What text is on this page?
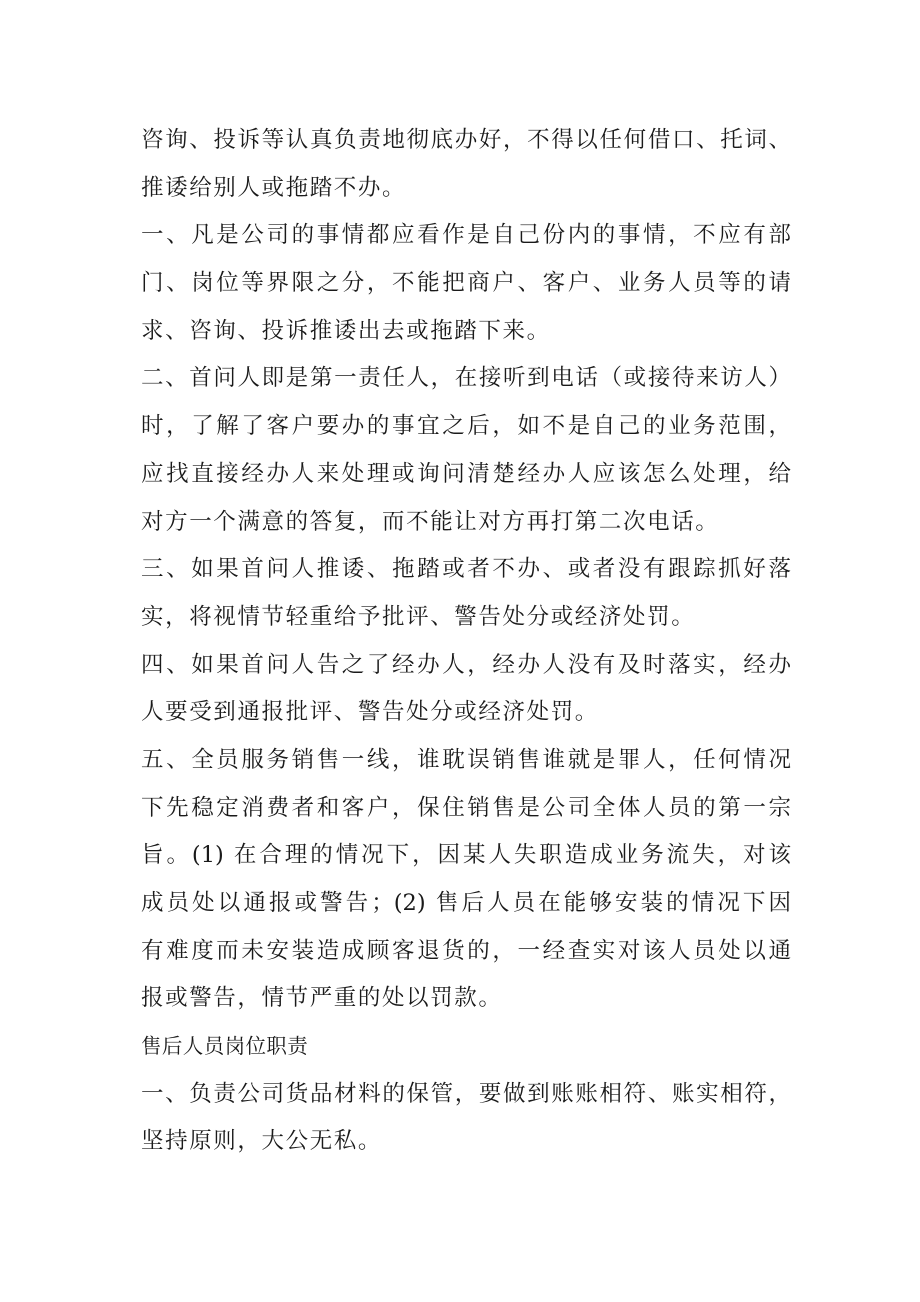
咨询、投诉等认真负责地彻底办好，不得以任何借口、托词、
推诿给别人或拖踏不办。
一、凡是公司的事情都应看作是自己份内的事情，不应有部
门、岗位等界限之分，不能把商户、客户、业务人员等的请
求、咨询、投诉推诿出去或拖踏下来。
二、首问人即是第一责任人，在接听到电话（或接待来访人）
时，了解了客户要办的事宜之后，如不是自己的业务范围，
应找直接经办人来处理或询问清楚经办人应该怎么处理，给
对方一个满意的答复，而不能让对方再打第二次电话。
三、如果首问人推诿、拖踏或者不办、或者没有跟踪抓好落
实，将视情节轻重给予批评、警告处分或经济处罚。
四、如果首问人告之了经办人，经办人没有及时落实，经办
人要受到通报批评、警告处分或经济处罚。
五、全员服务销售一线，谁耽误销售谁就是罪人，任何情况
下先稳定消费者和客户，保住销售是公司全体人员的第一宗
旨。(1) 在合理的情况下，因某人失职造成业务流失，对该
成员处以通报或警告；(2) 售后人员在能够安装的情况下因
有难度而未安装造成顾客退货的，一经查实对该人员处以通
报或警告，情节严重的处以罚款。
售后人员岗位职责
一、负责公司货品材料的保管，要做到账账相符、账实相符，
坚持原则，大公无私。
